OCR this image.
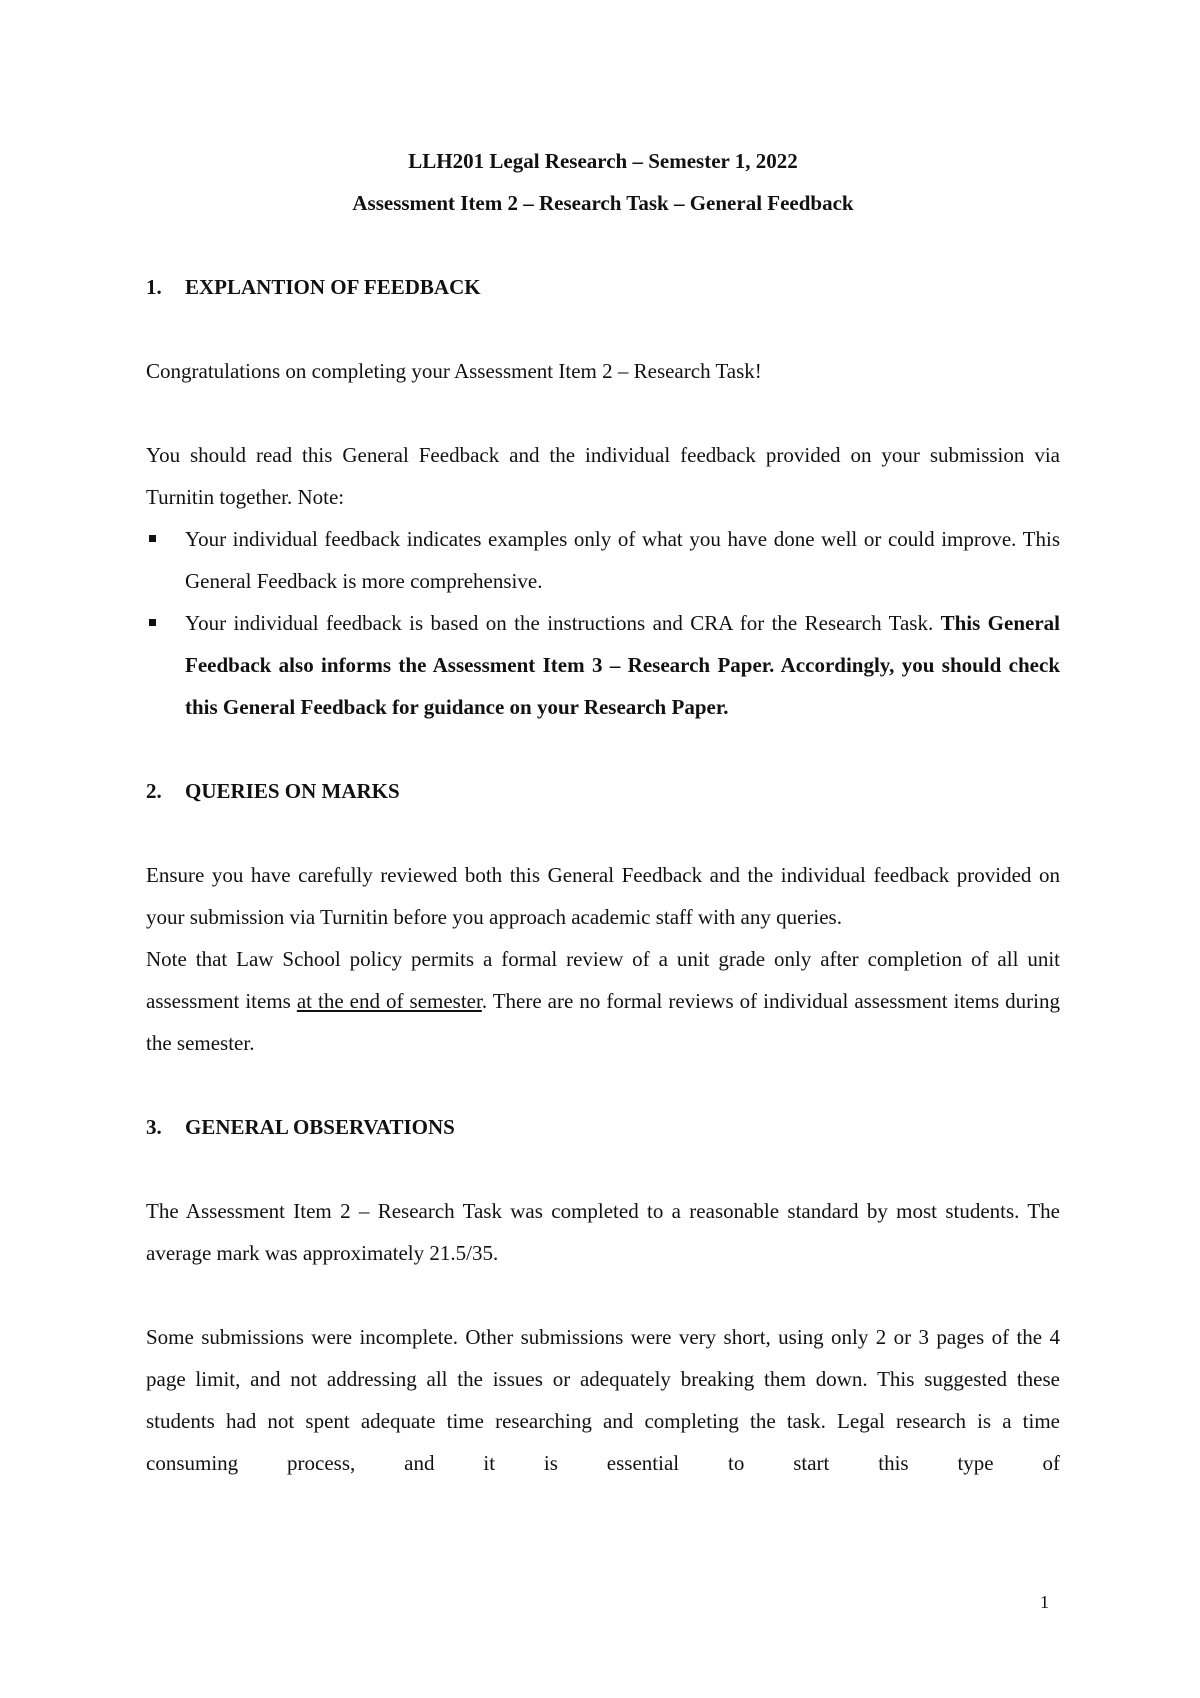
LLH201 Legal Research – Semester 1, 2022
Assessment Item 2 – Research Task – General Feedback
1.	EXPLANTION OF FEEDBACK

Congratulations on completing your Assessment Item 2 – Research Task!

You should read this General Feedback and the individual feedback provided on your submission via Turnitin together. Note:

Your individual feedback indicates examples only of what you have done well or could improve. This General Feedback is more comprehensive.
Your individual feedback is based on the instructions and CRA for the Research Task. This General Feedback also informs the Assessment Item 3 – Research Paper. Accordingly, you should check this General Feedback for guidance on your Research Paper.
2.	QUERIES ON MARKS

Ensure you have carefully reviewed both this General Feedback and the individual feedback provided on your submission via Turnitin before you approach academic staff with any queries.

Note that Law School policy permits a formal review of a unit grade only after completion of all unit assessment items at the end of semester. There are no formal reviews of individual assessment items during the semester.

3.	GENERAL OBSERVATIONS

The Assessment Item 2 – Research Task was completed to a reasonable standard by most students. The average mark was approximately 21.5/35.

Some submissions were incomplete. Other submissions were very short, using only 2 or 3 pages of the 4 page limit, and not addressing all the issues or adequately breaking them down. This suggested these students had not spent adequate time researching and completing the task. Legal research is a time consuming process, and it is essential to start this type of

1
